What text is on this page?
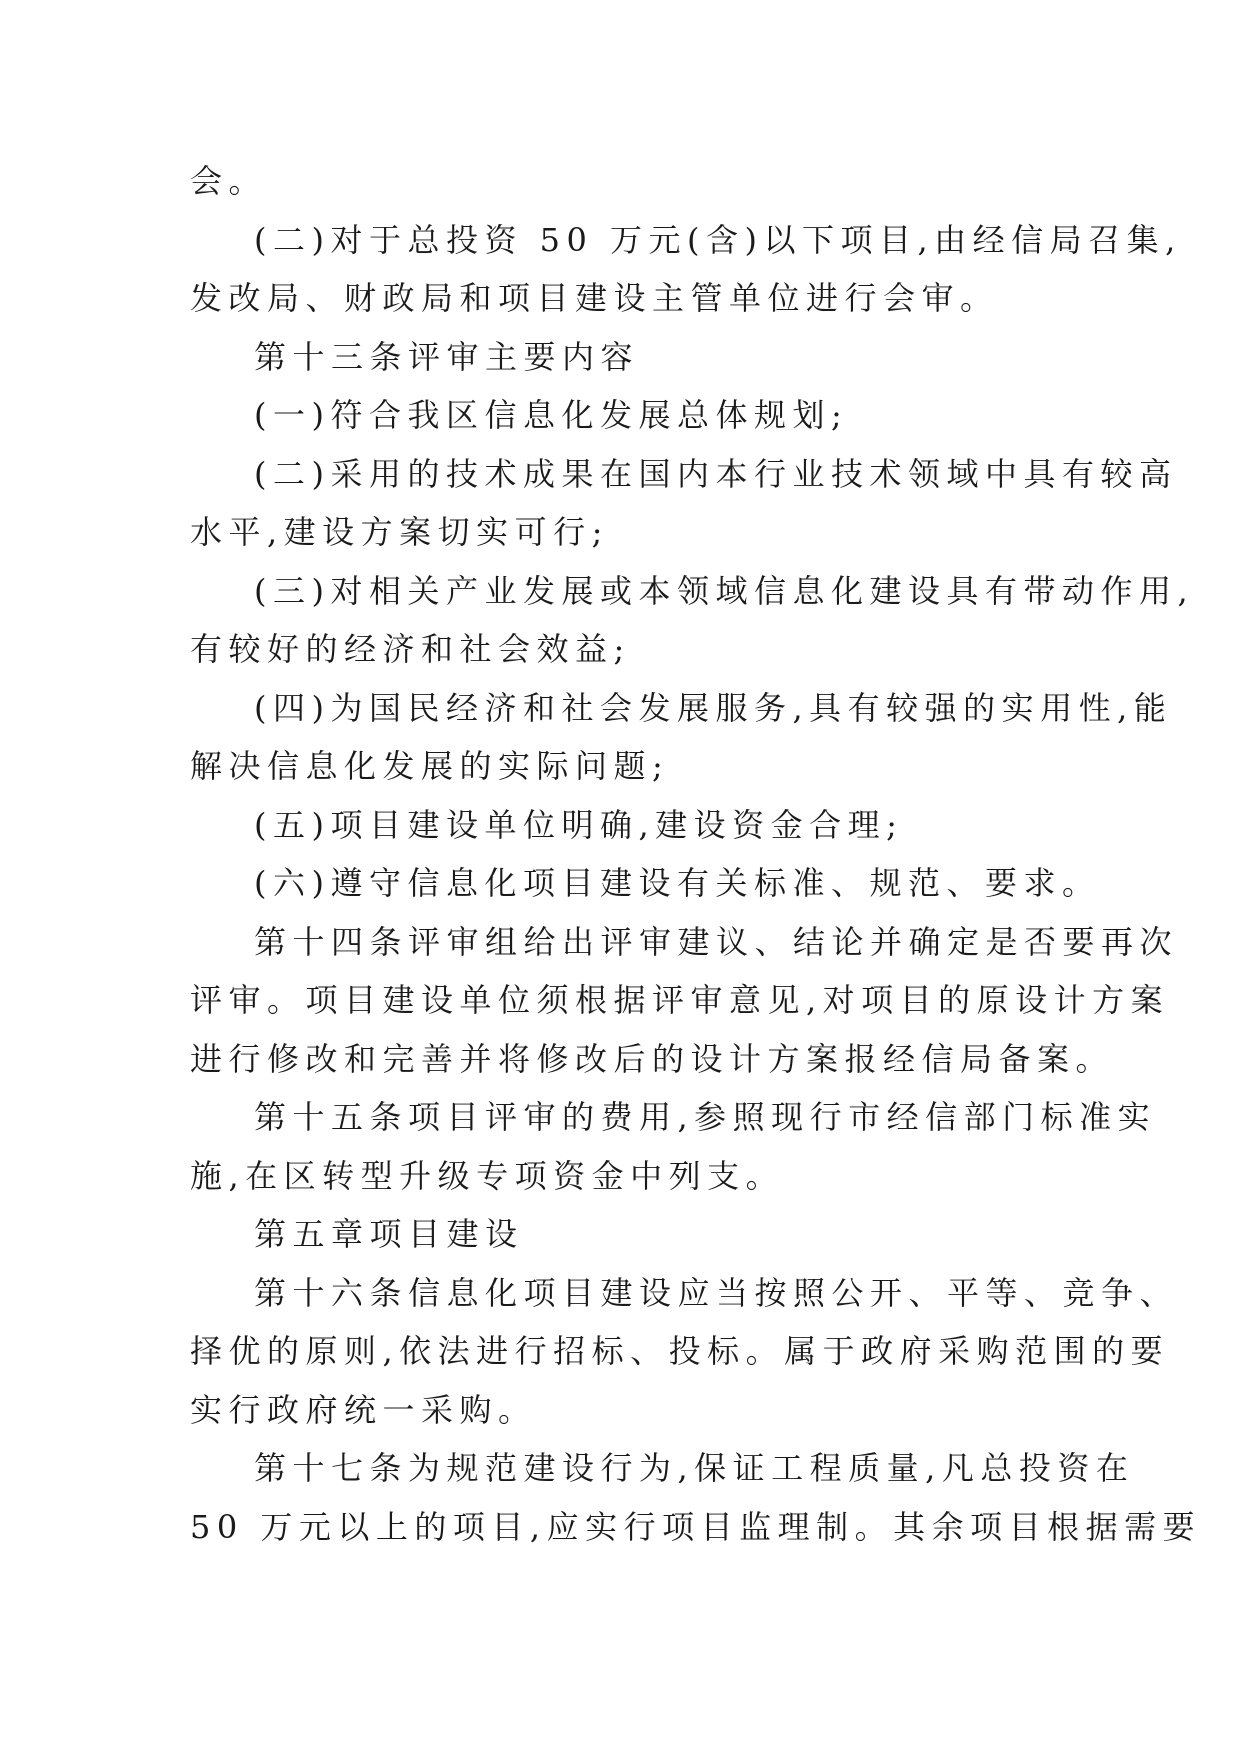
会。
(二)对于总投资 50 万元(含)以下项目,由经信局召集,
发改局、财政局和项目建设主管单位进行会审。
第十三条评审主要内容
(一)符合我区信息化发展总体规划;
(二)采用的技术成果在国内本行业技术领域中具有较高
水平,建设方案切实可行;
(三)对相关产业发展或本领域信息化建设具有带动作用,
有较好的经济和社会效益;
(四)为国民经济和社会发展服务,具有较强的实用性,能
解决信息化发展的实际问题;
(五)项目建设单位明确,建设资金合理;
(六)遵守信息化项目建设有关标准、规范、要求。
第十四条评审组给出评审建议、结论并确定是否要再次
评审。项目建设单位须根据评审意见,对项目的原设计方案
进行修改和完善并将修改后的设计方案报经信局备案。
第十五条项目评审的费用,参照现行市经信部门标准实
施,在区转型升级专项资金中列支。
第五章项目建设
第十六条信息化项目建设应当按照公开、平等、竞争、
择优的原则,依法进行招标、投标。属于政府采购范围的要
实行政府统一采购。
第十七条为规范建设行为,保证工程质量,凡总投资在
50 万元以上的项目,应实行项目监理制。其余项目根据需要
